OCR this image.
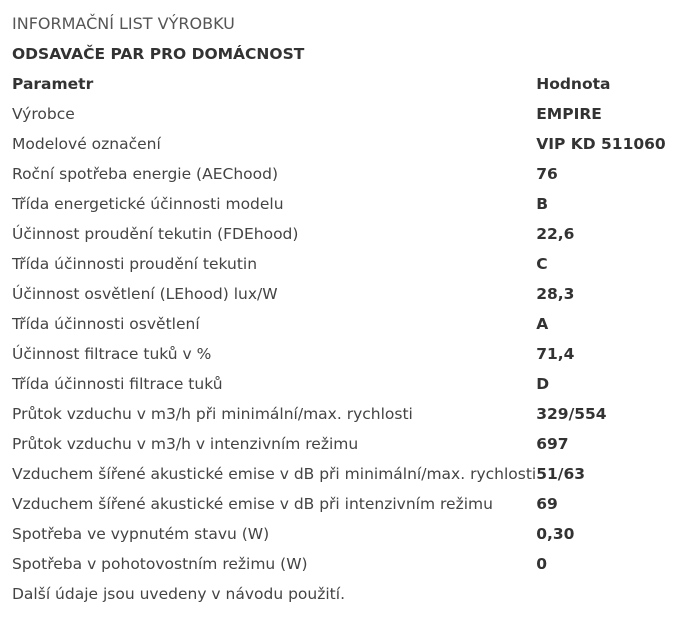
INFORMAČNÍ LIST VÝROBKU
ODSAVAČE PAR PRO DOMÁCNOST
Parametr	Hodnota
Výrobce	EMPIRE
Modelové označení	VIP KD 511060
Roční spotřeba energie (AEChood)	76
Třída energetické účinnosti modelu	B
Účinnost proudění tekutin (FDEhood)	22,6
Třída účinnosti proudění tekutin	C
Účinnost osvětlení (LEhood) lux/W	28,3
Třída účinnosti osvětlení	A
Účinnost filtrace tuků v %	71,4
Třída účinnosti filtrace tuků	D
Průtok vzduchu v m3/h při minimální/max. rychlosti	329/554
Průtok vzduchu v m3/h v intenzivním režimu	697
Vzduchem šířené akustické emise v dB při minimální/max. rychlosti	51/63
Vzduchem šířené akustické emise v dB při intenzivním režimu	69
Spotřeba ve vypnutém stavu (W)	0,30
Spotřeba v pohotovostním režimu (W)	0
Další údaje jsou uvedeny v návodu použití.
